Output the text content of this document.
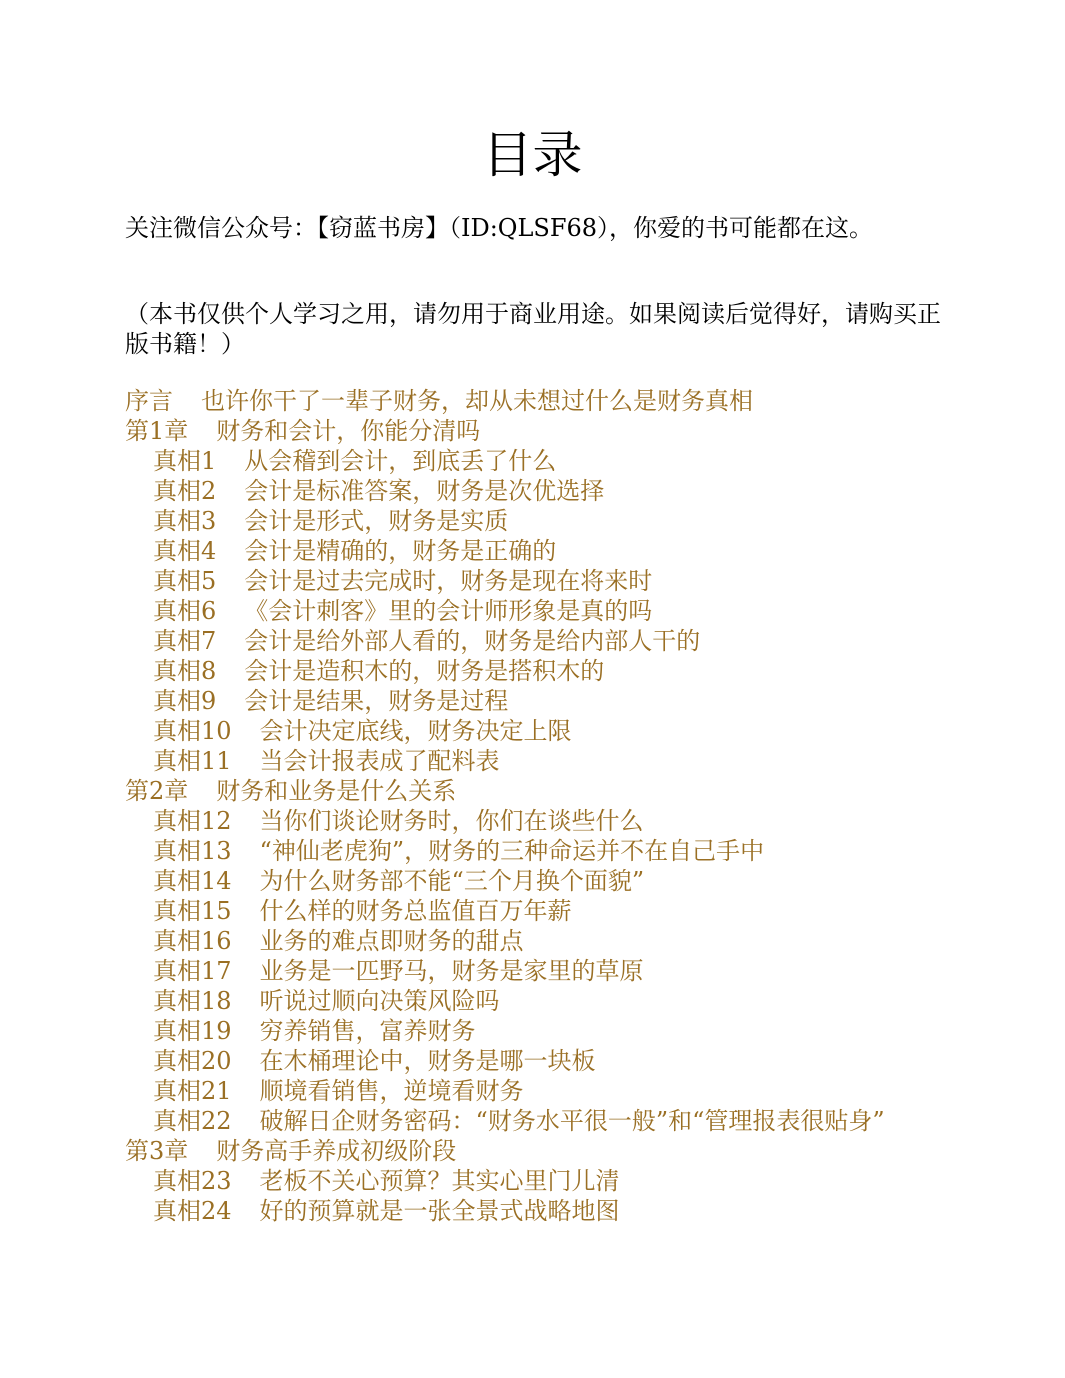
目录

关注微信公众号：【窃蓝书房】（ID:QLSF68），你爱的书可能都在这。

（本书仅供个人学习之用，请勿用于商业用途。如果阅读后觉得好，请购买正版书籍！）

序言 也许你干了一辈子财务，却从未想过什么是财务真相
第1章 财务和会计，你能分清吗
真相1 从会稽到会计，到底丢了什么
真相2 会计是标准答案，财务是次优选择
真相3 会计是形式，财务是实质
真相4 会计是精确的，财务是正确的
真相5 会计是过去完成时，财务是现在将来时
真相6 《会计刺客》里的会计师形象是真的吗
真相7 会计是给外部人看的，财务是给内部人干的
真相8 会计是造积木的，财务是搭积木的
真相9 会计是结果，财务是过程
真相10 会计决定底线，财务决定上限
真相11 当会计报表成了配料表
第2章 财务和业务是什么关系
真相12 当你们谈论财务时，你们在谈些什么
真相13 “神仙老虎狗”，财务的三种命运并不在自己手中
真相14 为什么财务部不能“三个月换个面貌”
真相15 什么样的财务总监值百万年薪
真相16 业务的难点即财务的甜点
真相17 业务是一匹野马，财务是家里的草原
真相18 听说过顺向决策风险吗
真相19 穷养销售，富养财务
真相20 在木桶理论中，财务是哪一块板
真相21 顺境看销售，逆境看财务
真相22 破解日企财务密码：“财务水平很一般”和“管理报表很贴身”
第3章 财务高手养成初级阶段
真相23 老板不关心预算？其实心里门儿清
真相24 好的预算就是一张全景式战略地图
